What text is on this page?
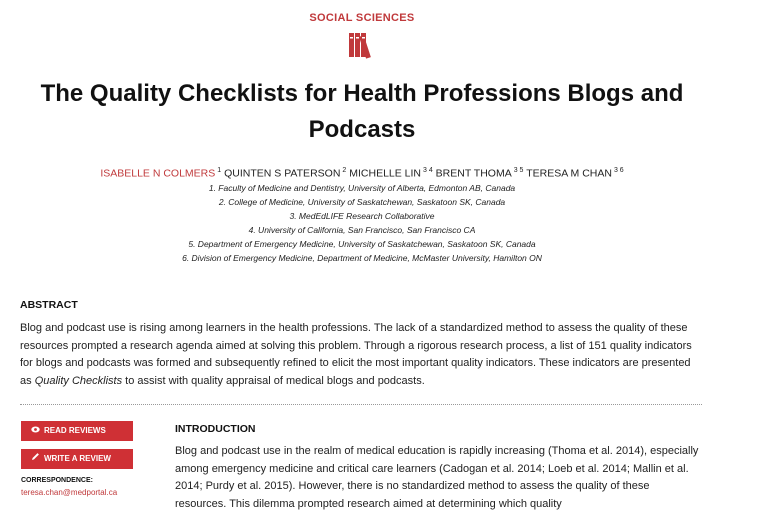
SOCIAL SCIENCES
The Quality Checklists for Health Professions Blogs and Podcasts
ISABELLE N COLMERS $^1$ QUINTEN S PATERSON $^2$ MICHELLE LIN $^{3 4}$ BRENT THOMA $^{3 5}$ TERESA M CHAN $^{3 6}$
1. Faculty of Medicine and Dentistry, University of Alberta, Edmonton AB, Canada
2. College of Medicine, University of Saskatchewan, Saskatoon SK, Canada
3. MedEdLIFE Research Collaborative
4. University of California, San Francisco, San Francisco CA
5. Department of Emergency Medicine, University of Saskatchewan, Saskatoon SK, Canada
6. Division of Emergency Medicine, Department of Medicine, McMaster University, Hamilton ON
ABSTRACT
Blog and podcast use is rising among learners in the health professions. The lack of a standardized method to assess the quality of these resources prompted a research agenda aimed at solving this problem. Through a rigorous research process, a list of 151 quality indicators for blogs and podcasts was formed and subsequently refined to elicit the most important quality indicators. These indicators are presented as Quality Checklists to assist with quality appraisal of medical blogs and podcasts.
READ REVIEWS
WRITE A REVIEW
CORRESPONDENCE:
teresa.chan@medportal.ca
INTRODUCTION
Blog and podcast use in the realm of medical education is rapidly increasing (Thoma et al. 2014), especially among emergency medicine and critical care learners (Cadogan et al. 2014; Loeb et al. 2014; Mallin et al. 2014; Purdy et al. 2015). However, there is no standardized method to assess the quality of these resources. This dilemma prompted research aimed at determining which quality
